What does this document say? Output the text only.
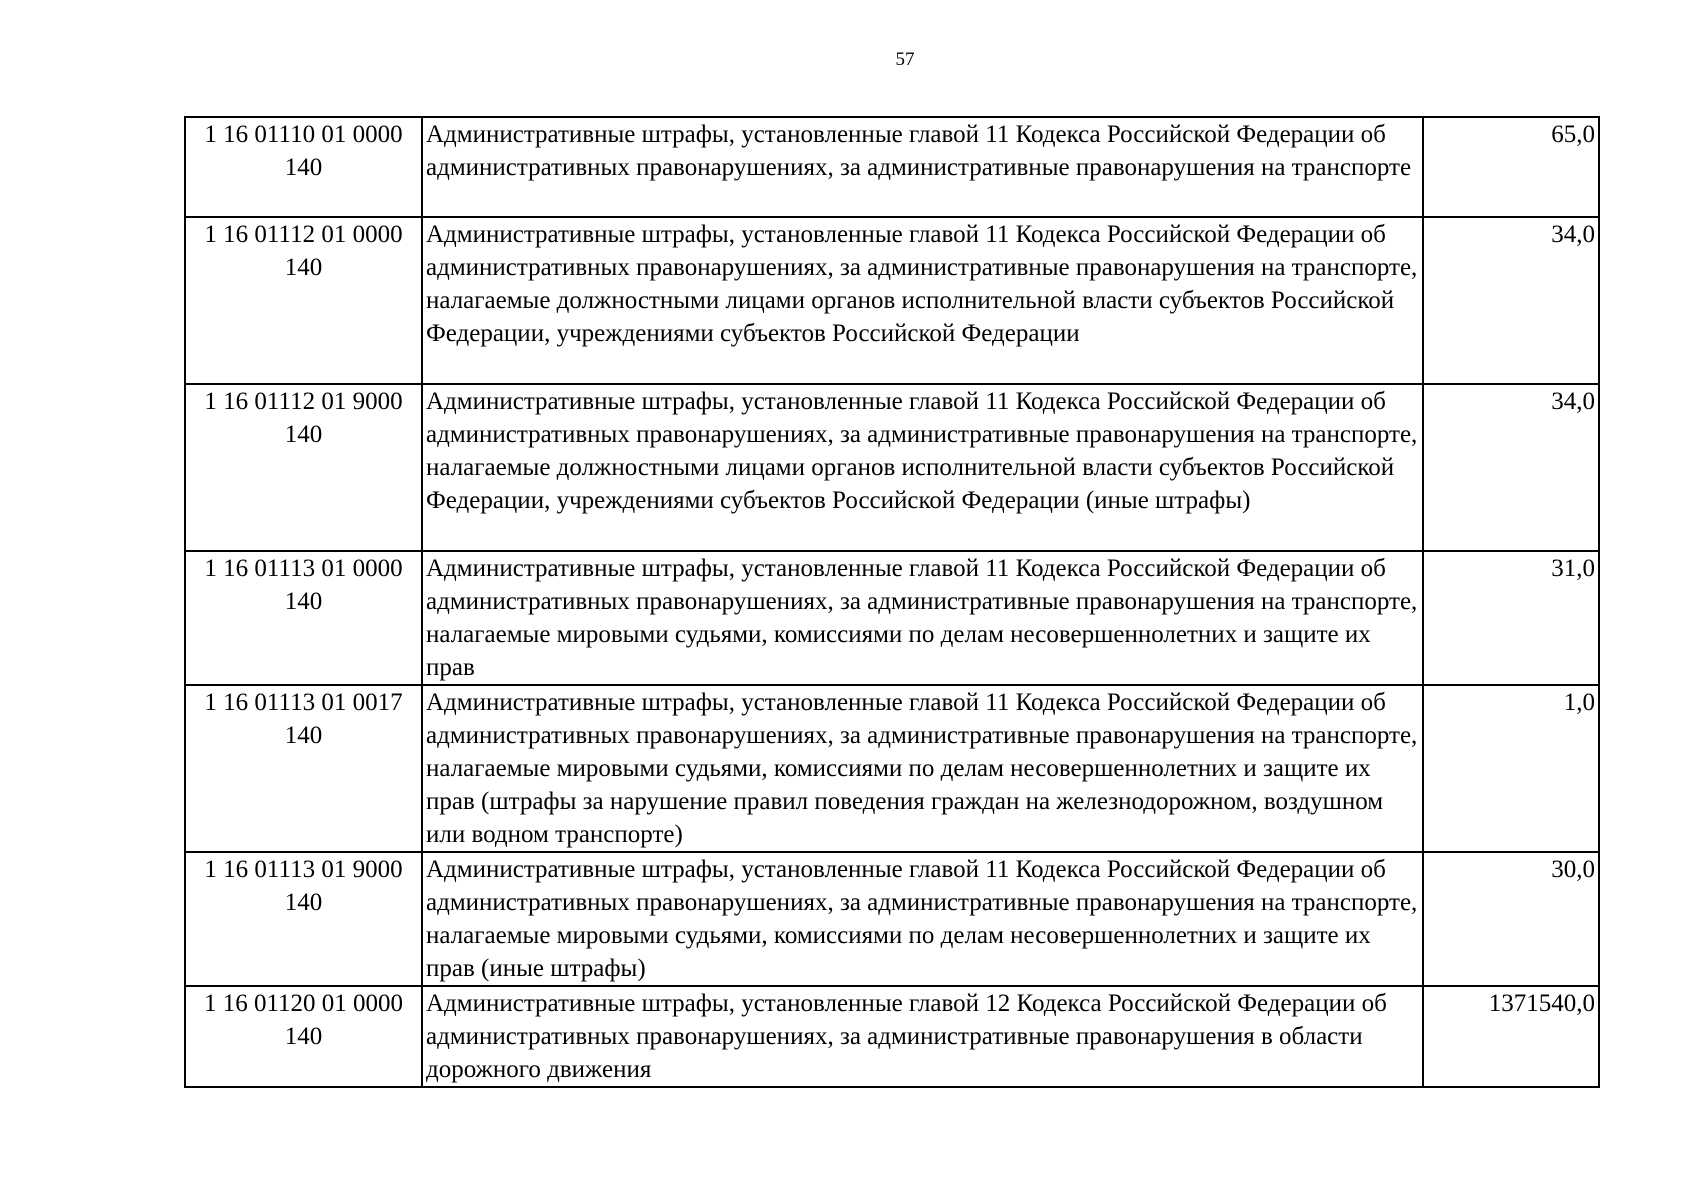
57
1 16 01110 01 0000 140	Административные штрафы, установленные главой 11 Кодекса Российской Федерации об административных правонарушениях, за административные правонарушения на транспорте	65,0
1 16 01112 01 0000 140	Административные штрафы, установленные главой 11 Кодекса Российской Федерации об административных правонарушениях, за административные правонарушения на транспорте, налагаемые должностными лицами органов исполнительной власти субъектов Российской Федерации, учреждениями субъектов Российской Федерации	34,0
1 16 01112 01 9000 140	Административные штрафы, установленные главой 11 Кодекса Российской Федерации об административных правонарушениях, за административные правонарушения на транспорте, налагаемые должностными лицами органов исполнительной власти субъектов Российской Федерации, учреждениями субъектов Российской Федерации (иные штрафы)	34,0
1 16 01113 01 0000 140	Административные штрафы, установленные главой 11 Кодекса Российской Федерации об административных правонарушениях, за административные правонарушения на транспорте, налагаемые мировыми судьями, комиссиями по делам несовершеннолетних и защите их прав	31,0
1 16 01113 01 0017 140	Административные штрафы, установленные главой 11 Кодекса Российской Федерации об административных правонарушениях, за административные правонарушения на транспорте, налагаемые мировыми судьями, комиссиями по делам несовершеннолетних и защите их прав (штрафы за нарушение правил поведения граждан на железнодорожном, воздушном или водном транспорте)	1,0
1 16 01113 01 9000 140	Административные штрафы, установленные главой 11 Кодекса Российской Федерации об административных правонарушениях, за административные правонарушения на транспорте, налагаемые мировыми судьями, комиссиями по делам несовершеннолетних и защите их прав (иные штрафы)	30,0
1 16 01120 01 0000 140	Административные штрафы, установленные главой 12 Кодекса Российской Федерации об административных правонарушениях, за административные правонарушения в области дорожного движения	1371540,0
